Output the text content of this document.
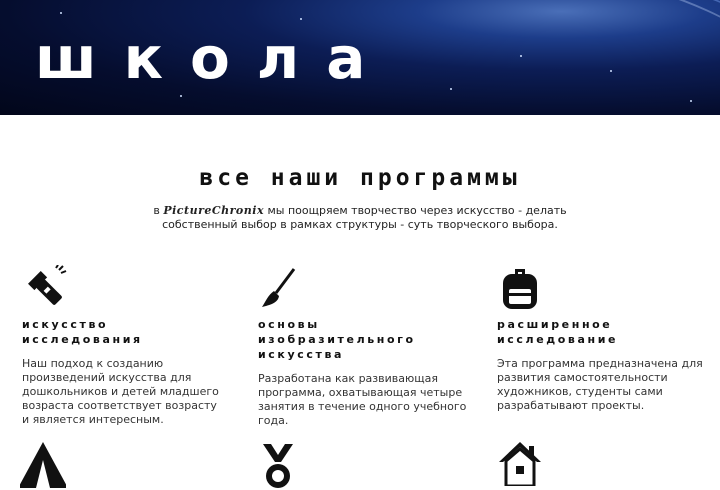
школа
все наши программы
в PictureChronix мы поощряем творчество через искусство - делать собственный выбор в рамках структуры - суть творческого выбора.
искусство исследования
Наш подход к созданию произведений искусства для дошкольников и детей младшего возраста соответствует возрасту и является интересным.
основы изобразительного искусства
Разработана как развивающая программа, охватывающая четыре занятия в течение одного учебного года.
расширенное исследование
Эта программа предназначена для развития самостоятельности художников, студенты сами разрабатывают проекты.
